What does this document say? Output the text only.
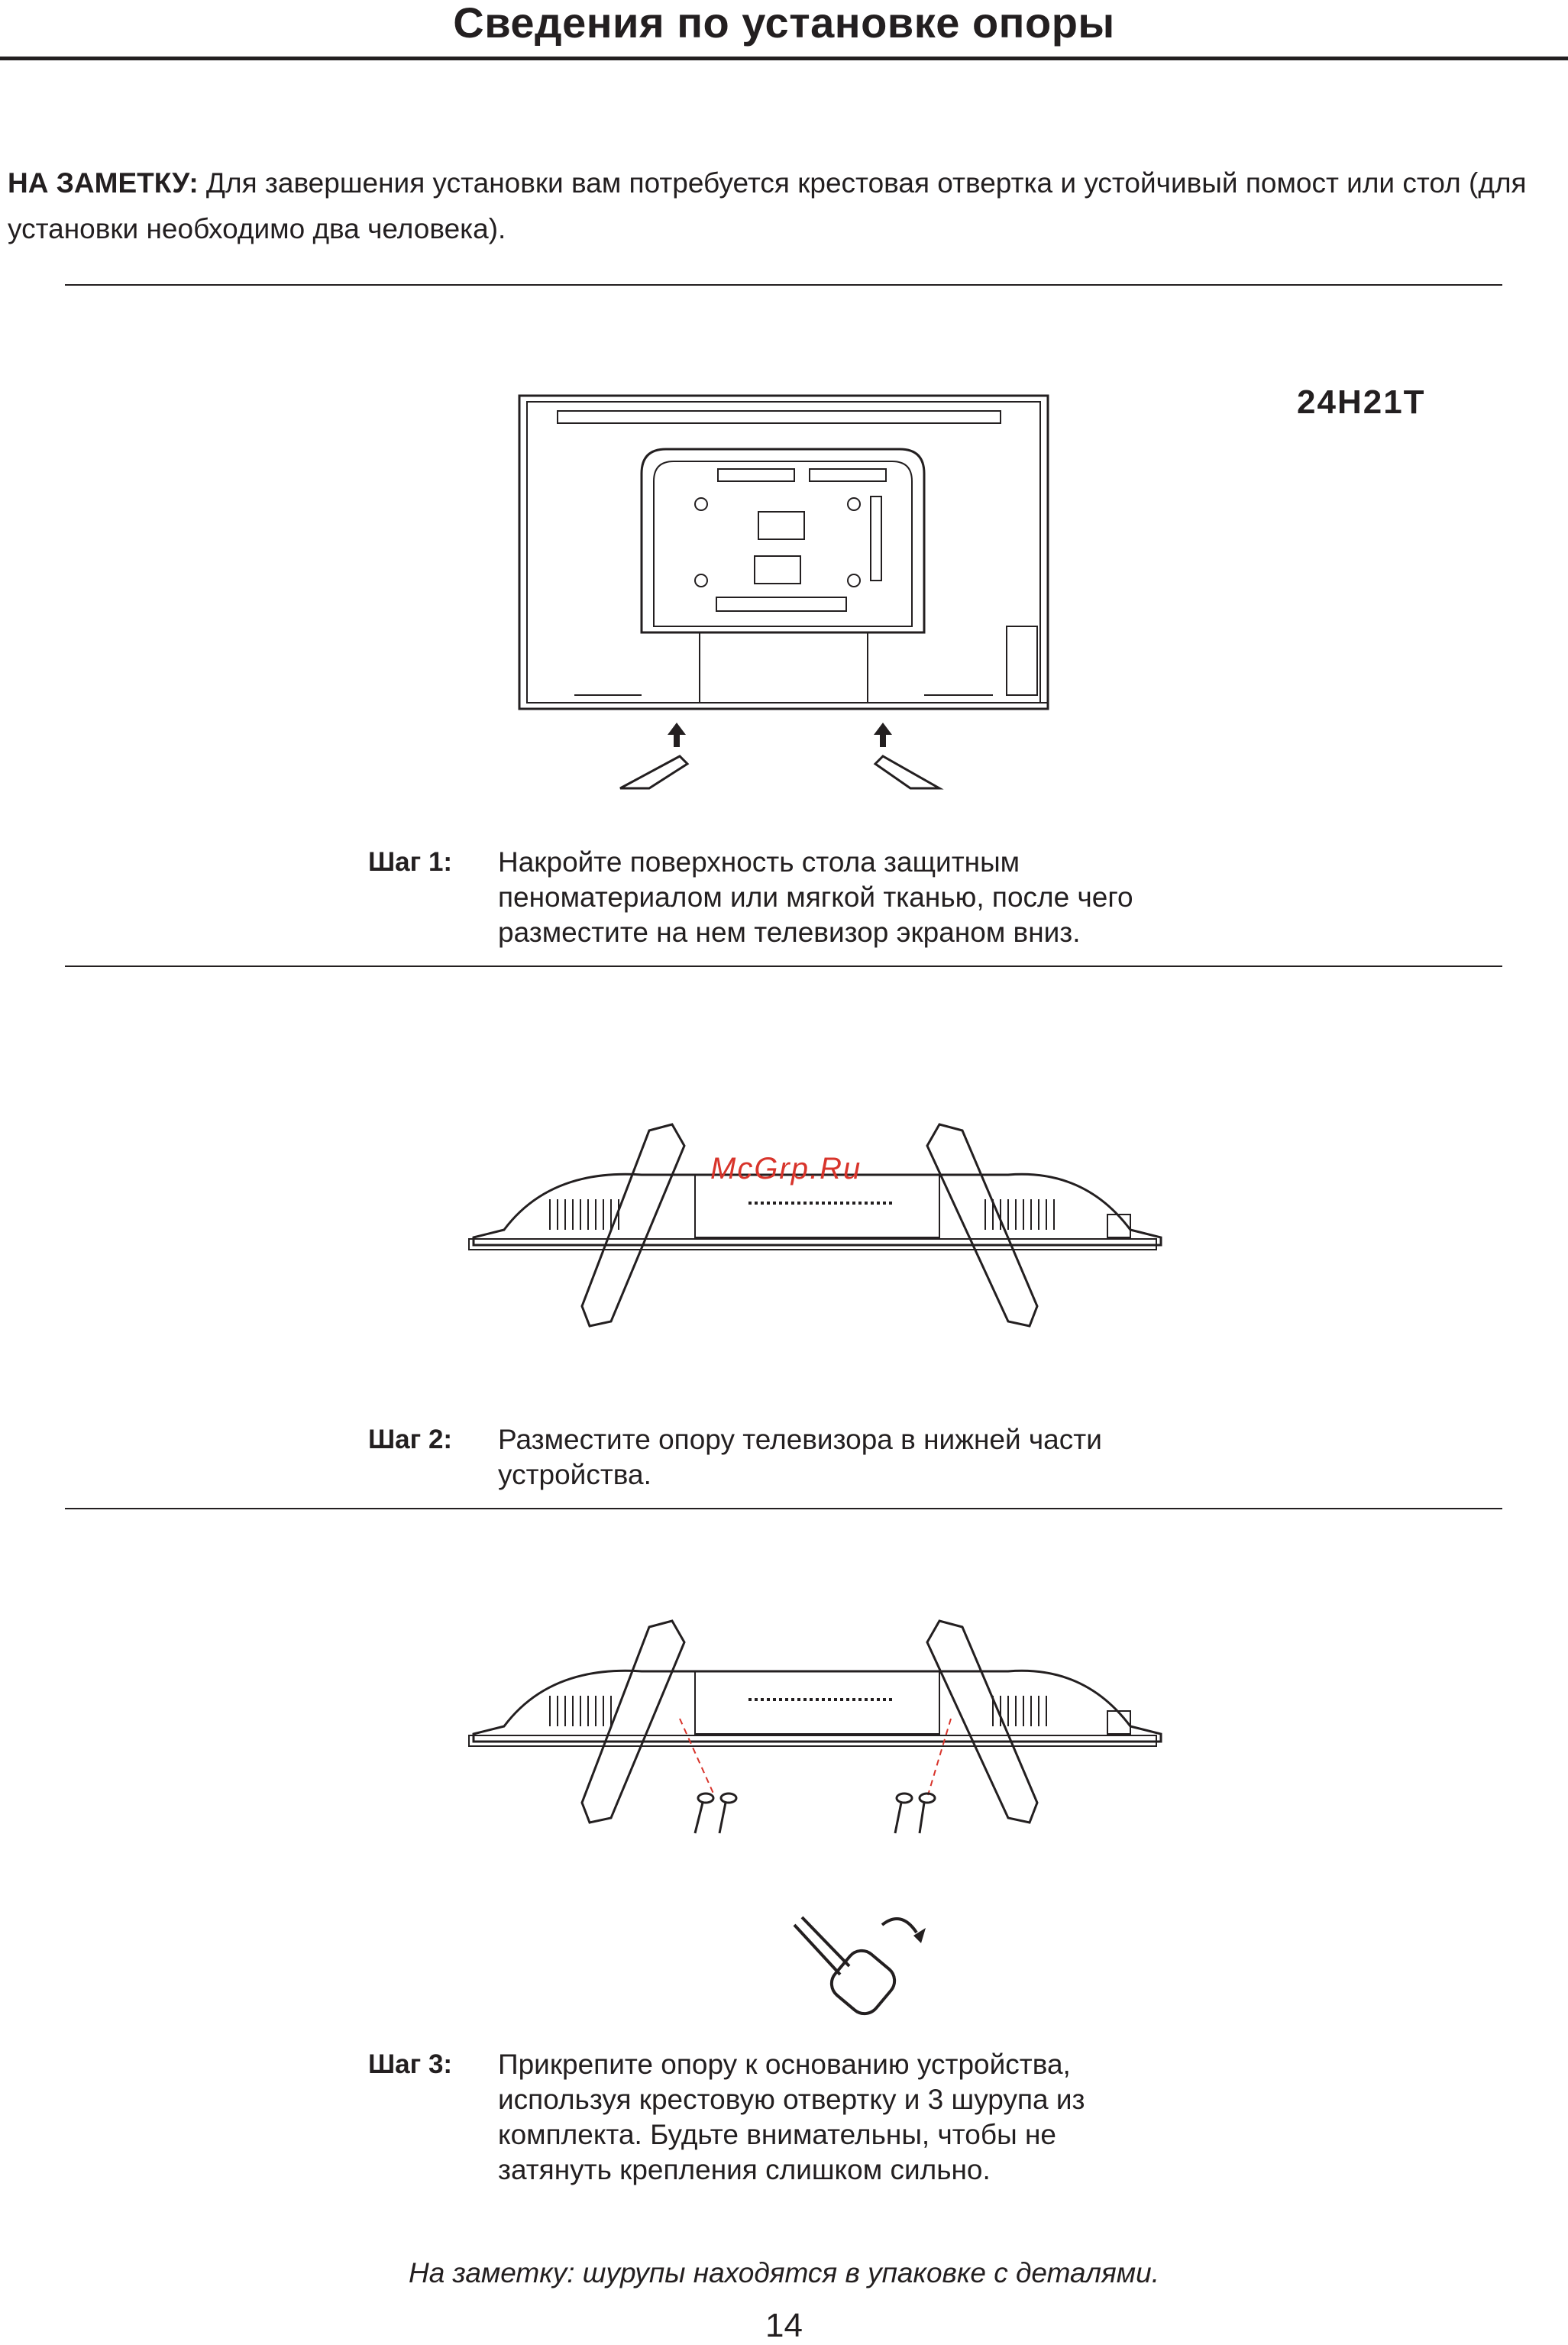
Сведения по установке опоры
НА ЗАМЕТКУ: Для завершения установки вам потребуется крестовая отвертка и устойчивый помост или стол (для установки необходимо два человека).
24H21T
Шаг 1: Накройте поверхность стола защитным
пеноматериалом или мягкой тканью, после чего
разместите на нем телевизор экраном вниз.
McGrp.Ru
Шаг 2: Разместите опору телевизора в нижней части
устройства.
Шаг 3: Прикрепите опору к основанию устройства,
используя крестовую отвертку и 3 шурупа из
комплекта. Будьте внимательны, чтобы не
затянуть крепления слишком сильно.
На заметку: шурупы находятся в упаковке с деталями.
14
